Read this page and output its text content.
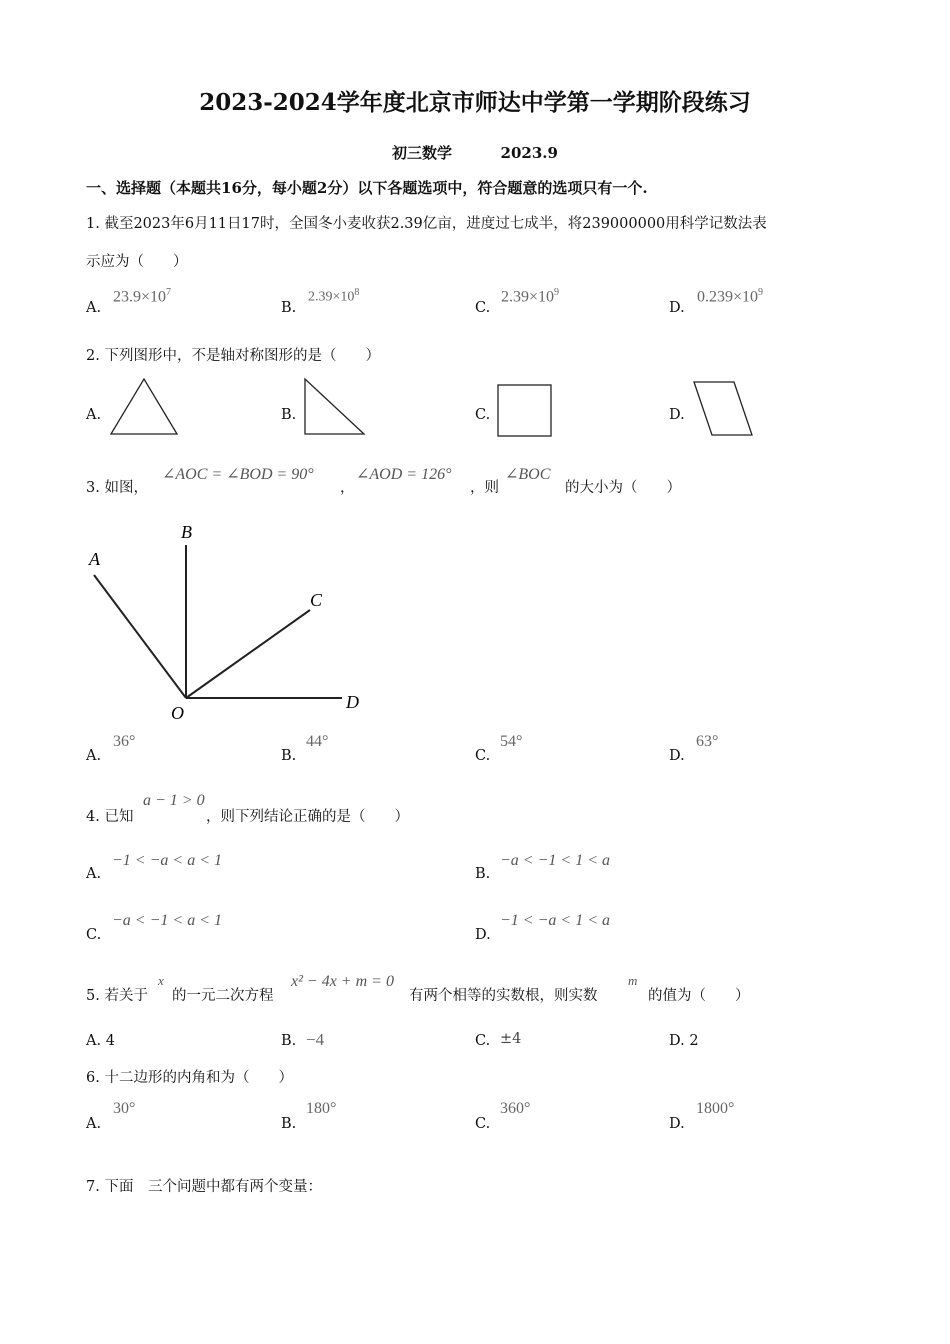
2023-2024学年度北京市师达中学第一学期阶段练习
初三数学	2023.9
一、选择题（本题共16分，每小题2分）以下各题选项中，符合题意的选项只有一个.
1. 截至2023年6月11日17时，全国冬小麦收获2.39亿亩，进度过七成半，将239000000用科学记数法表
示应为（　　）
A.
$23.9\times 10^7$
B.
$2.39\times 10^8$
C.
$2.39\times 10^9$
D.
$0.239\times 10^9$
2. 下列图形中，不是轴对称图形的是（　　）
A.	B.	C.	D.
3. 如图，
∠AOC = ∠BOD = 90°
，
∠AOD = 126°
，则
∠BOC
的大小为（　　）
A
B
C
D
O
A.
36°
B.
44°
C.
54°
D.
63°
4. 已知
a − 1 > 0
，则下列结论正确的是（　　）
A.
−1 < −a < a < 1
B.
−a < −1 < 1 < a
C.
−a < −1 < a < 1
D.
−1 < −a < 1 < a
5. 若关于
x
的一元二次方程
x² − 4x + m = 0
有两个相等的实数根，则实数
m
的值为（　　）
A. 4	B. −4	C. ±4	D. 2
6. 十二边形的内角和为（　　）
A.
30°
B.
180°
C.
360°
D.
1800°
7. 下面　三个问题中都有两个变量：
